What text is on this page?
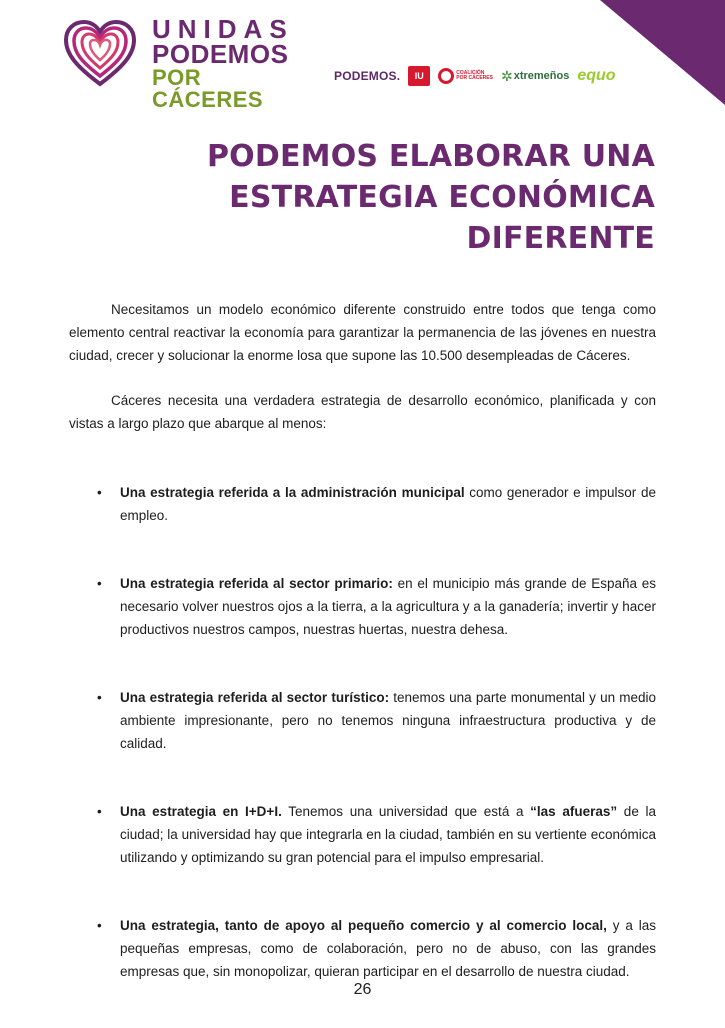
UNIDAS
PODEMOS
POR CÁCERES
PODEMOS.	IU	COALICIÓN
POR CÁCERES ✲ xtremeños equo
PODEMOS ELABORAR UNA ESTRATEGIA ECONÓMICA DIFERENTE

Necesitamos un modelo económico diferente construido entre todos que tenga como elemento central reactivar la economía para garantizar la permanencia de las jóvenes en nuestra ciudad, crecer y solucionar la enorme losa que supone las 10.500 desempleadas de Cáceres.

Cáceres necesita una verdadera estrategia de desarrollo económico, planificada y con vistas a largo plazo que abarque al menos:

• Una estrategia referida a la administración municipal como generador e impulsor de empleo.
• Una estrategia referida al sector primario: en el municipio más grande de España es necesario volver nuestros ojos a la tierra, a la agricultura y a la ganadería; invertir y hacer productivos nuestros campos, nuestras huertas, nuestra dehesa.
• Una estrategia referida al sector turístico: tenemos una parte monumental y un medio ambiente impresionante, pero no tenemos ninguna infraestructura productiva y de calidad.
• Una estrategia en I+D+I. Tenemos una universidad que está a “las afueras” de la ciudad; la universidad hay que integrarla en la ciudad, también en su vertiente económica utilizando y optimizando su gran potencial para el impulso empresarial.
• Una estrategia, tanto de apoyo al pequeño comercio y al comercio local, y a las pequeñas empresas, como de colaboración, pero no de abuso, con las grandes empresas que, sin monopolizar, quieran participar en el desarrollo de nuestra ciudad.
26
